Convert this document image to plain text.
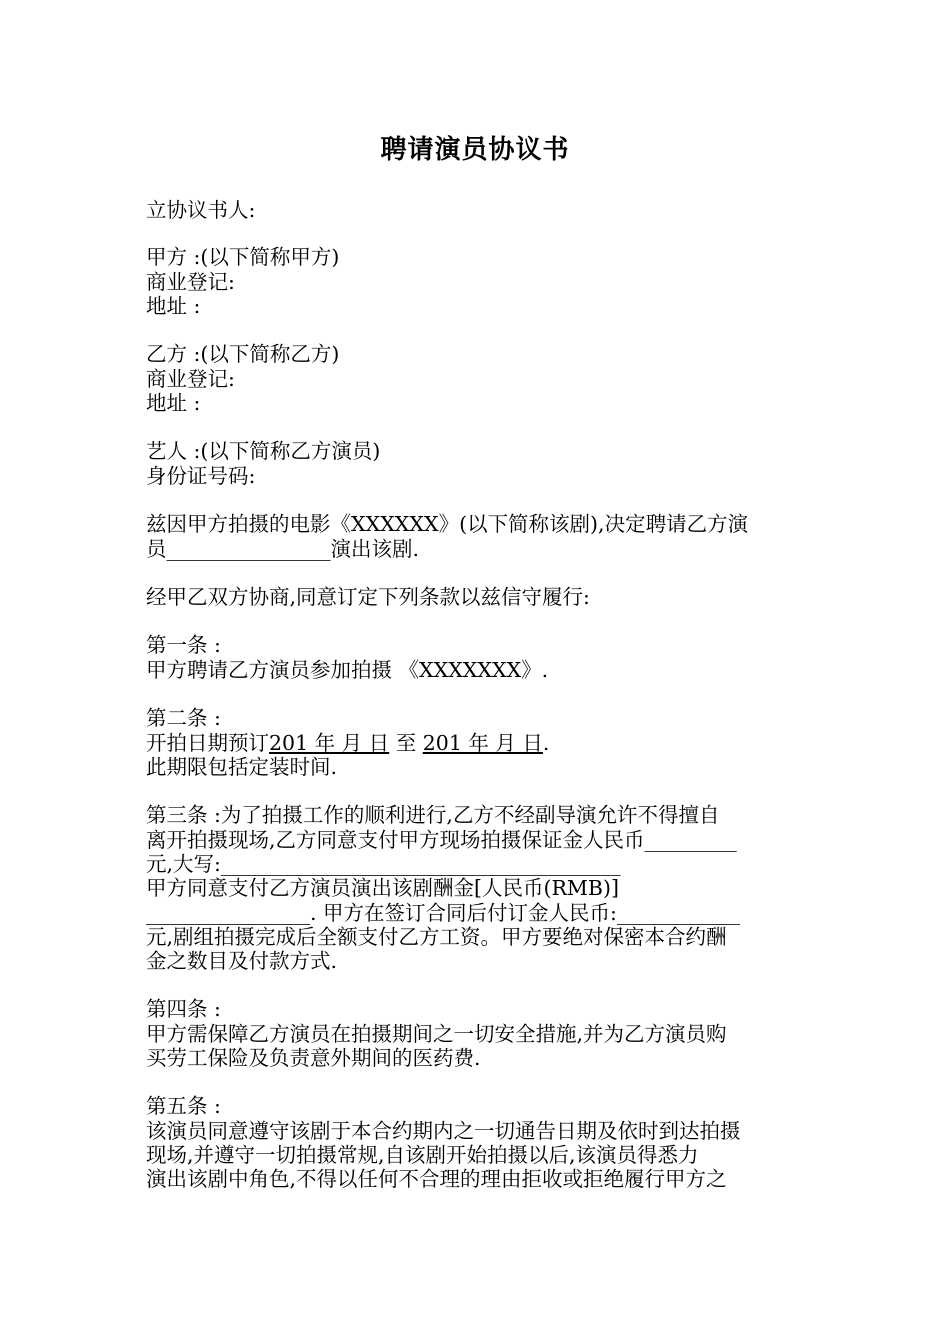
聘请演员协议书

立协议书人:

甲方 :(以下简称甲方)

商业登记:

地址 :

乙方 :(以下简称乙方)

商业登记:

地址 :

艺人 :(以下简称乙方演员)

身份证号码:

兹因甲方拍摄的电影《XXXXXX》(以下简称该剧),决定聘请乙方演

员________________演出该剧.

经甲乙双方协商,同意订定下列条款以兹信守履行:

第一条 :

甲方聘请乙方演员参加拍摄 《XXXXXXX》.

第二条 :

开拍日期预订201 年 月 日 至 201 年 月 日.

此期限包括定装时间.

第三条 :为了拍摄工作的顺利进行,乙方不经副导演允许不得擅自

离开拍摄现场,乙方同意支付甲方现场拍摄保证金人民币_________

元,大写:_______________________________________

甲方同意支付乙方演员演出该剧酬金[人民币(RMB)]

________________. 甲方在签订合同后付订金人民币:____________

元,剧组拍摄完成后全额支付乙方工资。甲方要绝对保密本合约酬

金之数目及付款方式.

第四条 :

甲方需保障乙方演员在拍摄期间之一切安全措施,并为乙方演员购

买劳工保险及负责意外期间的医药费.

第五条 :

该演员同意遵守该剧于本合约期内之一切通告日期及依时到达拍摄

现场,并遵守一切拍摄常规,自该剧开始拍摄以后,该演员得悉力

演出该剧中角色,不得以任何不合理的理由拒收或拒绝履行甲方之
